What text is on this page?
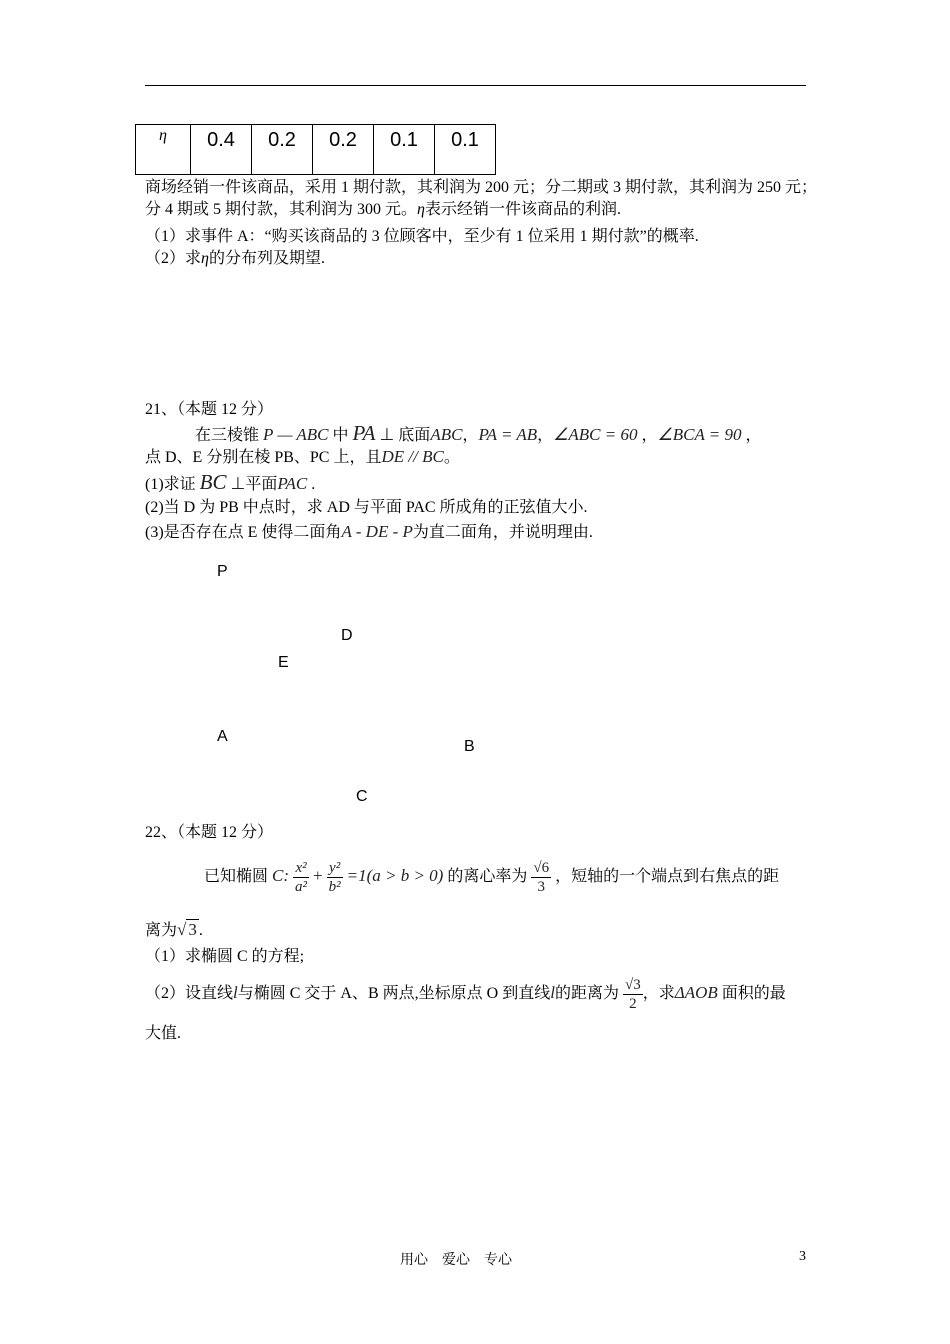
η	0.4	0.2	0.2	0.1	0.1
商场经销一件该商品，采用 1 期付款，其利润为 200 元；分二期或 3 期付款，其利润为 250 元；
分 4 期或 5 期付款，其利润为 300 元。η表示经销一件该商品的利润.
（1）求事件 A：“购买该商品的 3 位顾客中，至少有 1 位采用 1 期付款”的概率.
（2）求η的分布列及期望.
21、（本题 12 分）
在三棱锥 P — ABC 中 PA ⊥ 底面ABC，PA = AB，∠ABC = 60 ，∠BCA = 90 ，
点 D、E 分别在棱 PB、PC 上，且DE // BC。
(1)求证 BC ⊥平面PAC .
(2)当 D 为 PB 中点时，求 AD 与平面 PAC 所成角的正弦值大小.
(3)是否存在点 E 使得二面角A - DE - P为直二面角，并说明理由.
P
D
E
A
B
C
22、（本题 12 分）
已知椭圆 C: $\frac{\text{x²}}{\text{a²}} + \frac{\text{y²}}{\text{b²}} =1(a > b > 0)$ 的离心率为 $\frac{√6}{3}$ ，短轴的一个端点到右焦点的距
离为√ 3 .
（1）求椭圆 C 的方程;
（2）设直线l与椭圆 C 交于 A、B 两点,坐标原点 O 到直线l的距离为 $\frac{√3}{2}$ ，求ΔAOB 面积的最
大值.
用心　爱心　专心	3
